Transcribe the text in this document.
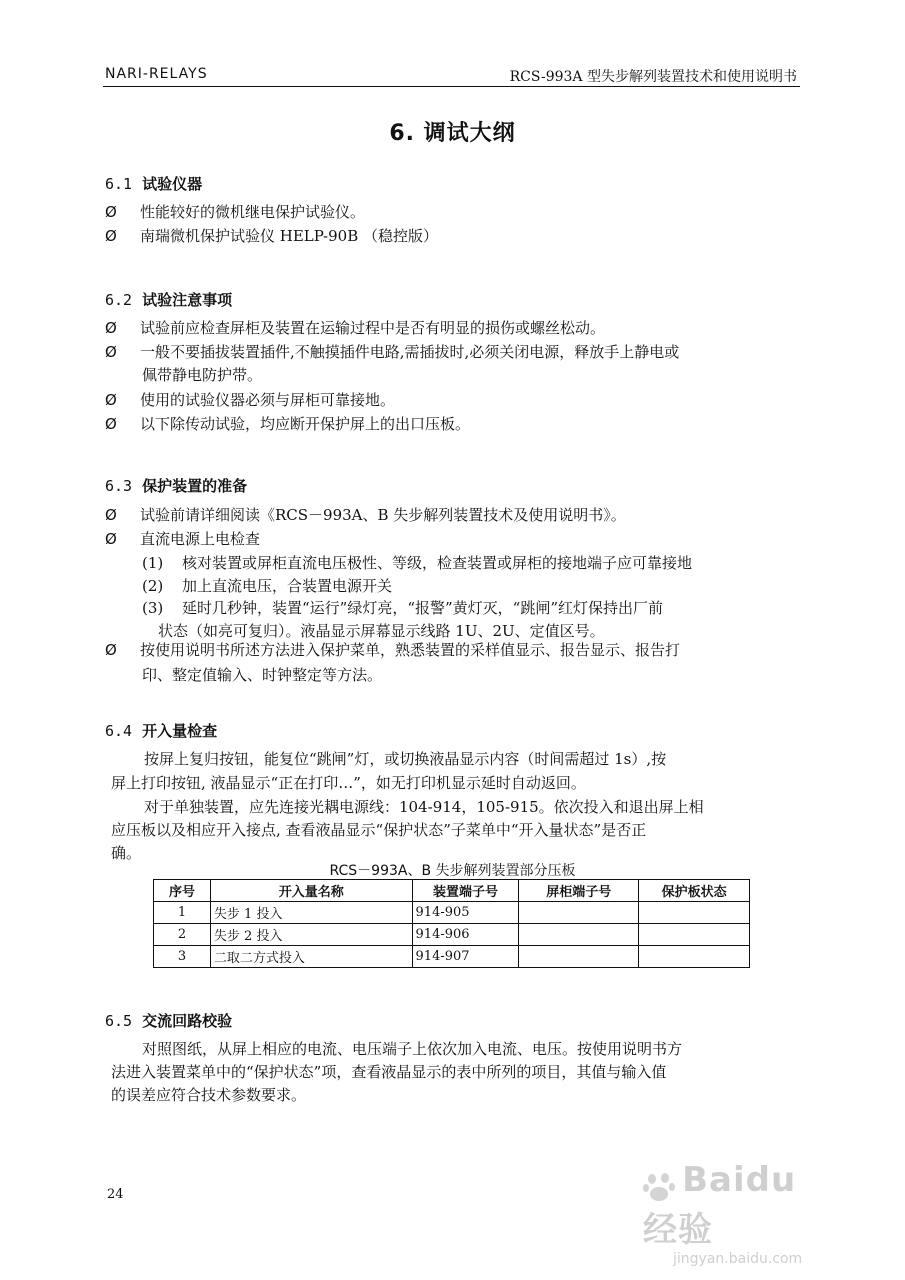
NARI-RELAYS	RCS-993A 型失步解列装置技术和使用说明书
6. 调试大纲
6.1 试验仪器
Ø 性能较好的微机继电保护试验仪。
Ø 南瑞微机保护试验仪 HELP-90B （稳控版）
6.2 试验注意事项
Ø 试验前应检查屏柜及装置在运输过程中是否有明显的损伤或螺丝松动。
Ø 一般不要插拔装置插件,不触摸插件电路,需插拔时,必须关闭电源，释放手上静电或
佩带静电防护带。
Ø 使用的试验仪器必须与屏柜可靠接地。
Ø 以下除传动试验，均应断开保护屏上的出口压板。
6.3 保护装置的准备
Ø 试验前请详细阅读《RCS－993A、B 失步解列装置技术及使用说明书》。
Ø 直流电源上电检查
(1) 核对装置或屏柜直流电压极性、等级，检查装置或屏柜的接地端子应可靠接地
(2) 加上直流电压，合装置电源开关
(3) 延时几秒钟，装置“运行”绿灯亮，“报警”黄灯灭，“跳闸”红灯保持出厂前
状态（如亮可复归）。液晶显示屏幕显示线路 1U、2U、定值区号。
Ø 按使用说明书所述方法进入保护菜单，熟悉装置的采样值显示、报告显示、报告打
印、整定值输入、时钟整定等方法。
6.4 开入量检查
按屏上复归按钮，能复位“跳闸”灯，或切换液晶显示内容（时间需超过 1s）,按
屏上打印按钮, 液晶显示“正在打印…”，如无打印机显示延时自动返回。
对于单独装置，应先连接光耦电源线：104-914，105-915。依次投入和退出屏上相
应压板以及相应开入接点, 查看液晶显示“保护状态”子菜单中“开入量状态”是否正
确。
RCS－993A、B 失步解列装置部分压板
序号	开入量名称	装置端子号	屏柜端子号	保护板状态
1	失步 1 投入	914-905		
2	失步 2 投入	914-906		
3	二取二方式投入	914-907		
6.5 交流回路校验
对照图纸，从屏上相应的电流、电压端子上依次加入电流、电压。按使用说明书方
法进入装置菜单中的“保护状态”项，查看液晶显示的表中所列的项目，其值与输入值
的误差应符合技术参数要求。
24	Baidu 经验
jingyan.baidu.com
